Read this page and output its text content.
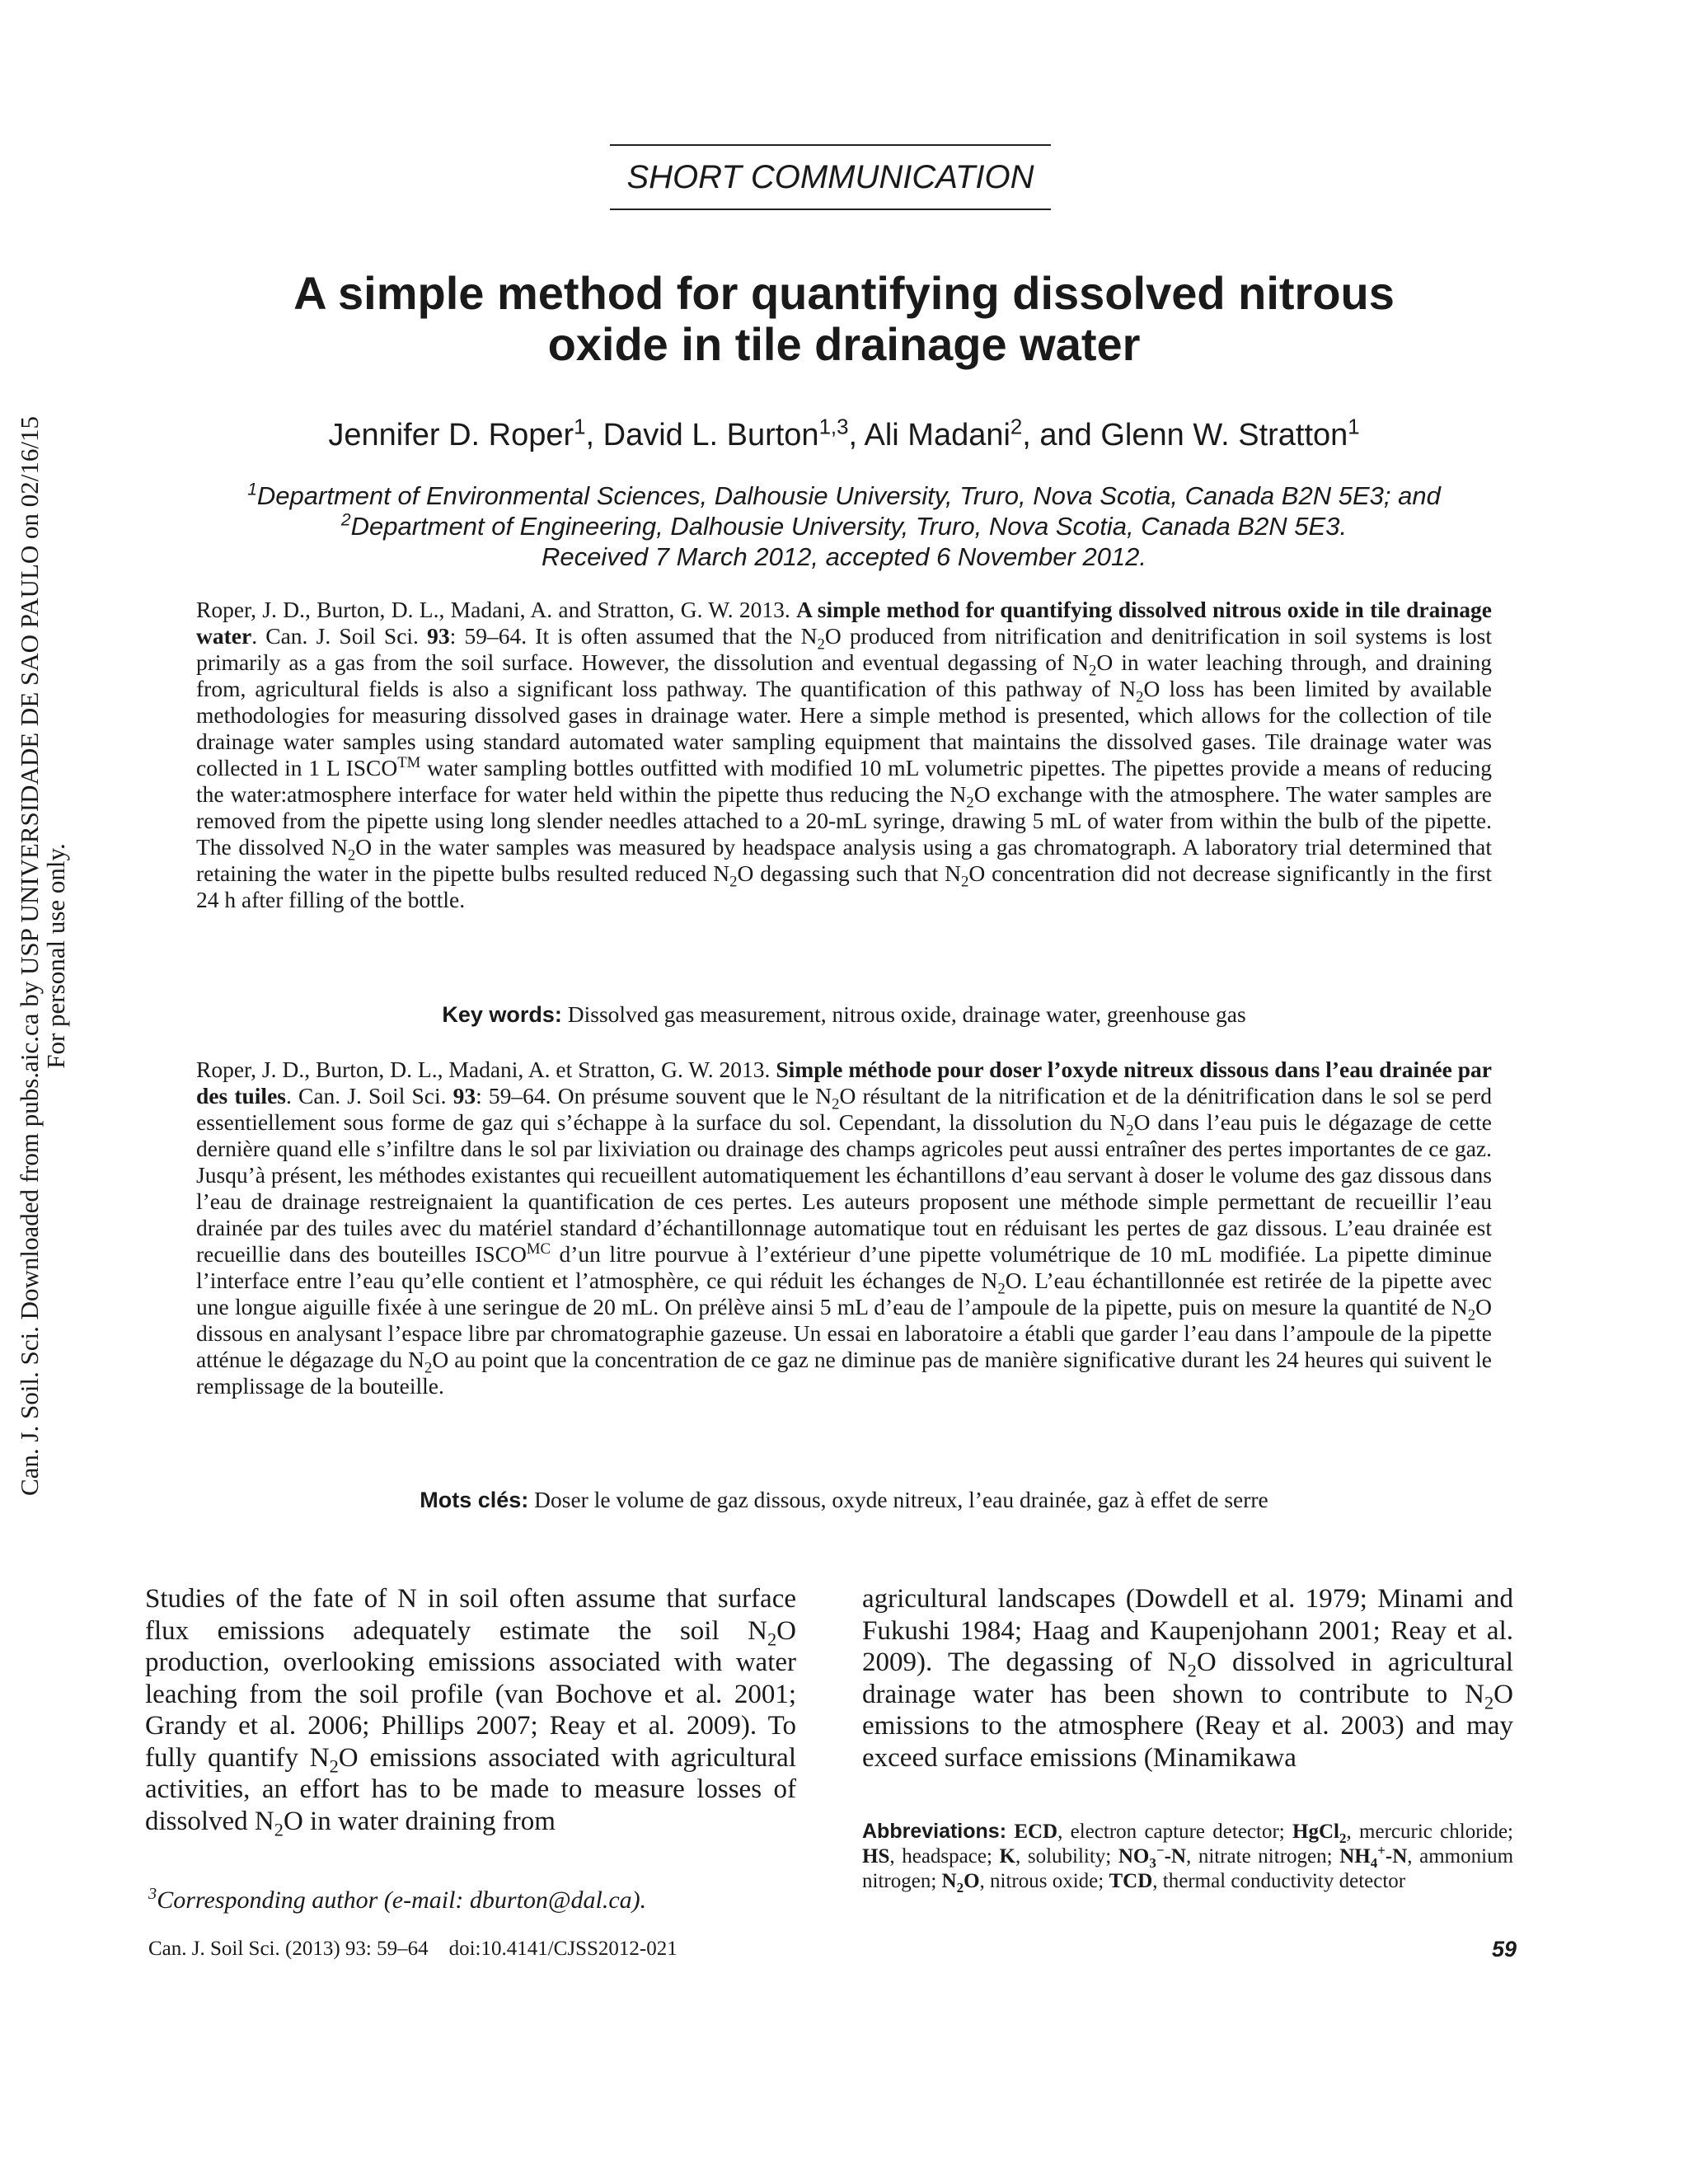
Can. J. Soil. Sci. Downloaded from pubs.aic.ca by USP UNIVERSIDADE DE SAO PAULO on 02/16/15
For personal use only.
SHORT COMMUNICATION
A simple method for quantifying dissolved nitrous
oxide in tile drainage water
Jennifer D. Roper$^1$, David L. Burton$^{1,3}$, Ali Madani$^2$, and Glenn W. Stratton$^1$
$^1$Department of Environmental Sciences, Dalhousie University, Truro, Nova Scotia, Canada B2N 5E3; and
$^2$Department of Engineering, Dalhousie University, Truro, Nova Scotia, Canada B2N 5E3.
Received 7 March 2012, accepted 6 November 2012.

Roper, J. D., Burton, D. L., Madani, A. and Stratton, G. W. 2013. A simple method for quantifying dissolved nitrous oxide in tile drainage water. Can. J. Soil Sci. 93: 59–64. It is often assumed that the $N_2O$ produced from nitrification and denitrification in soil systems is lost primarily as a gas from the soil surface. However, the dissolution and eventual degassing of $N_2O$ in water leaching through, and draining from, agricultural fields is also a significant loss pathway. The quantification of this pathway of $N_2O$ loss has been limited by available methodologies for measuring dissolved gases in drainage water. Here a simple method is presented, which allows for the collection of tile drainage water samples using standard automated water sampling equipment that maintains the dissolved gases. Tile drainage water was collected in 1 L ISCO™ water sampling bottles outfitted with modified 10 mL volumetric pipettes. The pipettes provide a means of reducing the water:atmosphere interface for water held within the pipette thus reducing the $N_2O$ exchange with the atmosphere. The water samples are removed from the pipette using long slender needles attached to a 20-mL syringe, drawing 5 mL of water from within the bulb of the pipette. The dissolved $N_2O$ in the water samples was measured by headspace analysis using a gas chromatograph. A laboratory trial determined that retaining the water in the pipette bulbs resulted reduced $N_2O$ degassing such that $N_2O$ concentration did not decrease significantly in the first 24 h after filling of the bottle.

Key words: Dissolved gas measurement, nitrous oxide, drainage water, greenhouse gas

Roper, J. D., Burton, D. L., Madani, A. et Stratton, G. W. 2013. Simple méthode pour doser l’oxyde nitreux dissous dans l’eau drainée par des tuiles. Can. J. Soil Sci. 93: 59–64. On présume souvent que le $N_2O$ résultant de la nitrification et de la dénitrification dans le sol se perd essentiellement sous forme de gaz qui s’échappe à la surface du sol. Cependant, la dissolution du $N_2O$ dans l’eau puis le dégazage de cette dernière quand elle s’infiltre dans le sol par lixiviation ou drainage des champs agricoles peut aussi entraîner des pertes importantes de ce gaz. Jusqu’à présent, les méthodes existantes qui recueillent automatiquement les échantillons d’eau servant à doser le volume des gaz dissous dans l’eau de drainage restreignaient la quantification de ces pertes. Les auteurs proposent une méthode simple permettant de recueillir l’eau drainée par des tuiles avec du matériel standard d’échantillonnage automatique tout en réduisant les pertes de gaz dissous. L’eau drainée est recueillie dans des bouteilles $ISCO^{MC}$ d’un litre pourvue à l’extérieur d’une pipette volumétrique de 10 mL modifiée. La pipette diminue l’interface entre l’eau qu’elle contient et l’atmosphère, ce qui réduit les échanges de $N_2O$. L’eau échantillonnée est retirée de la pipette avec une longue aiguille fixée à une seringue de 20 mL. On prélève ainsi 5 mL d’eau de l’ampoule de la pipette, puis on mesure la quantité de $N_2O$ dissous en analysant l’espace libre par chromatographie gazeuse. Un essai en laboratoire a établi que garder l’eau dans l’ampoule de la pipette atténue le dégazage du $N_2O$ au point que la concentration de ce gaz ne diminue pas de manière significative durant les 24 heures qui suivent le remplissage de la bouteille.

Mots clés: Doser le volume de gaz dissous, oxyde nitreux, l’eau drainée, gaz à effet de serre

Studies of the fate of N in soil often assume that surface flux emissions adequately estimate the soil $N_2O$ production, overlooking emissions associated with water leaching from the soil profile (van Bochove et al. 2001; Grandy et al. 2006; Phillips 2007; Reay et al. 2009). To fully quantify $N_2O$ emissions associated with agricultural activities, an effort has to be made to measure losses of dissolved $N_2O$ in water draining from

agricultural landscapes (Dowdell et al. 1979; Minami and Fukushi 1984; Haag and Kaupenjohann 2001; Reay et al. 2009). The degassing of $N_2O$ dissolved in agricultural drainage water has been shown to contribute to $N_2O$ emissions to the atmosphere (Reay et al. 2003) and may exceed surface emissions (Minamikawa

$^3$Corresponding author (e-mail: dburton@dal.ca).

Abbreviations: ECD, electron capture detector; HgCl$_2$, mercuric chloride; HS, headspace; K, solubility; $NO_3^--N$, nitrate nitrogen; $NH_4^+-N$, ammonium nitrogen; $N_2O$, nitrous oxide; TCD, thermal conductivity detector

Can. J. Soil Sci. (2013) 93: 59–64    doi:10.4141/CJSS2012-021	59
